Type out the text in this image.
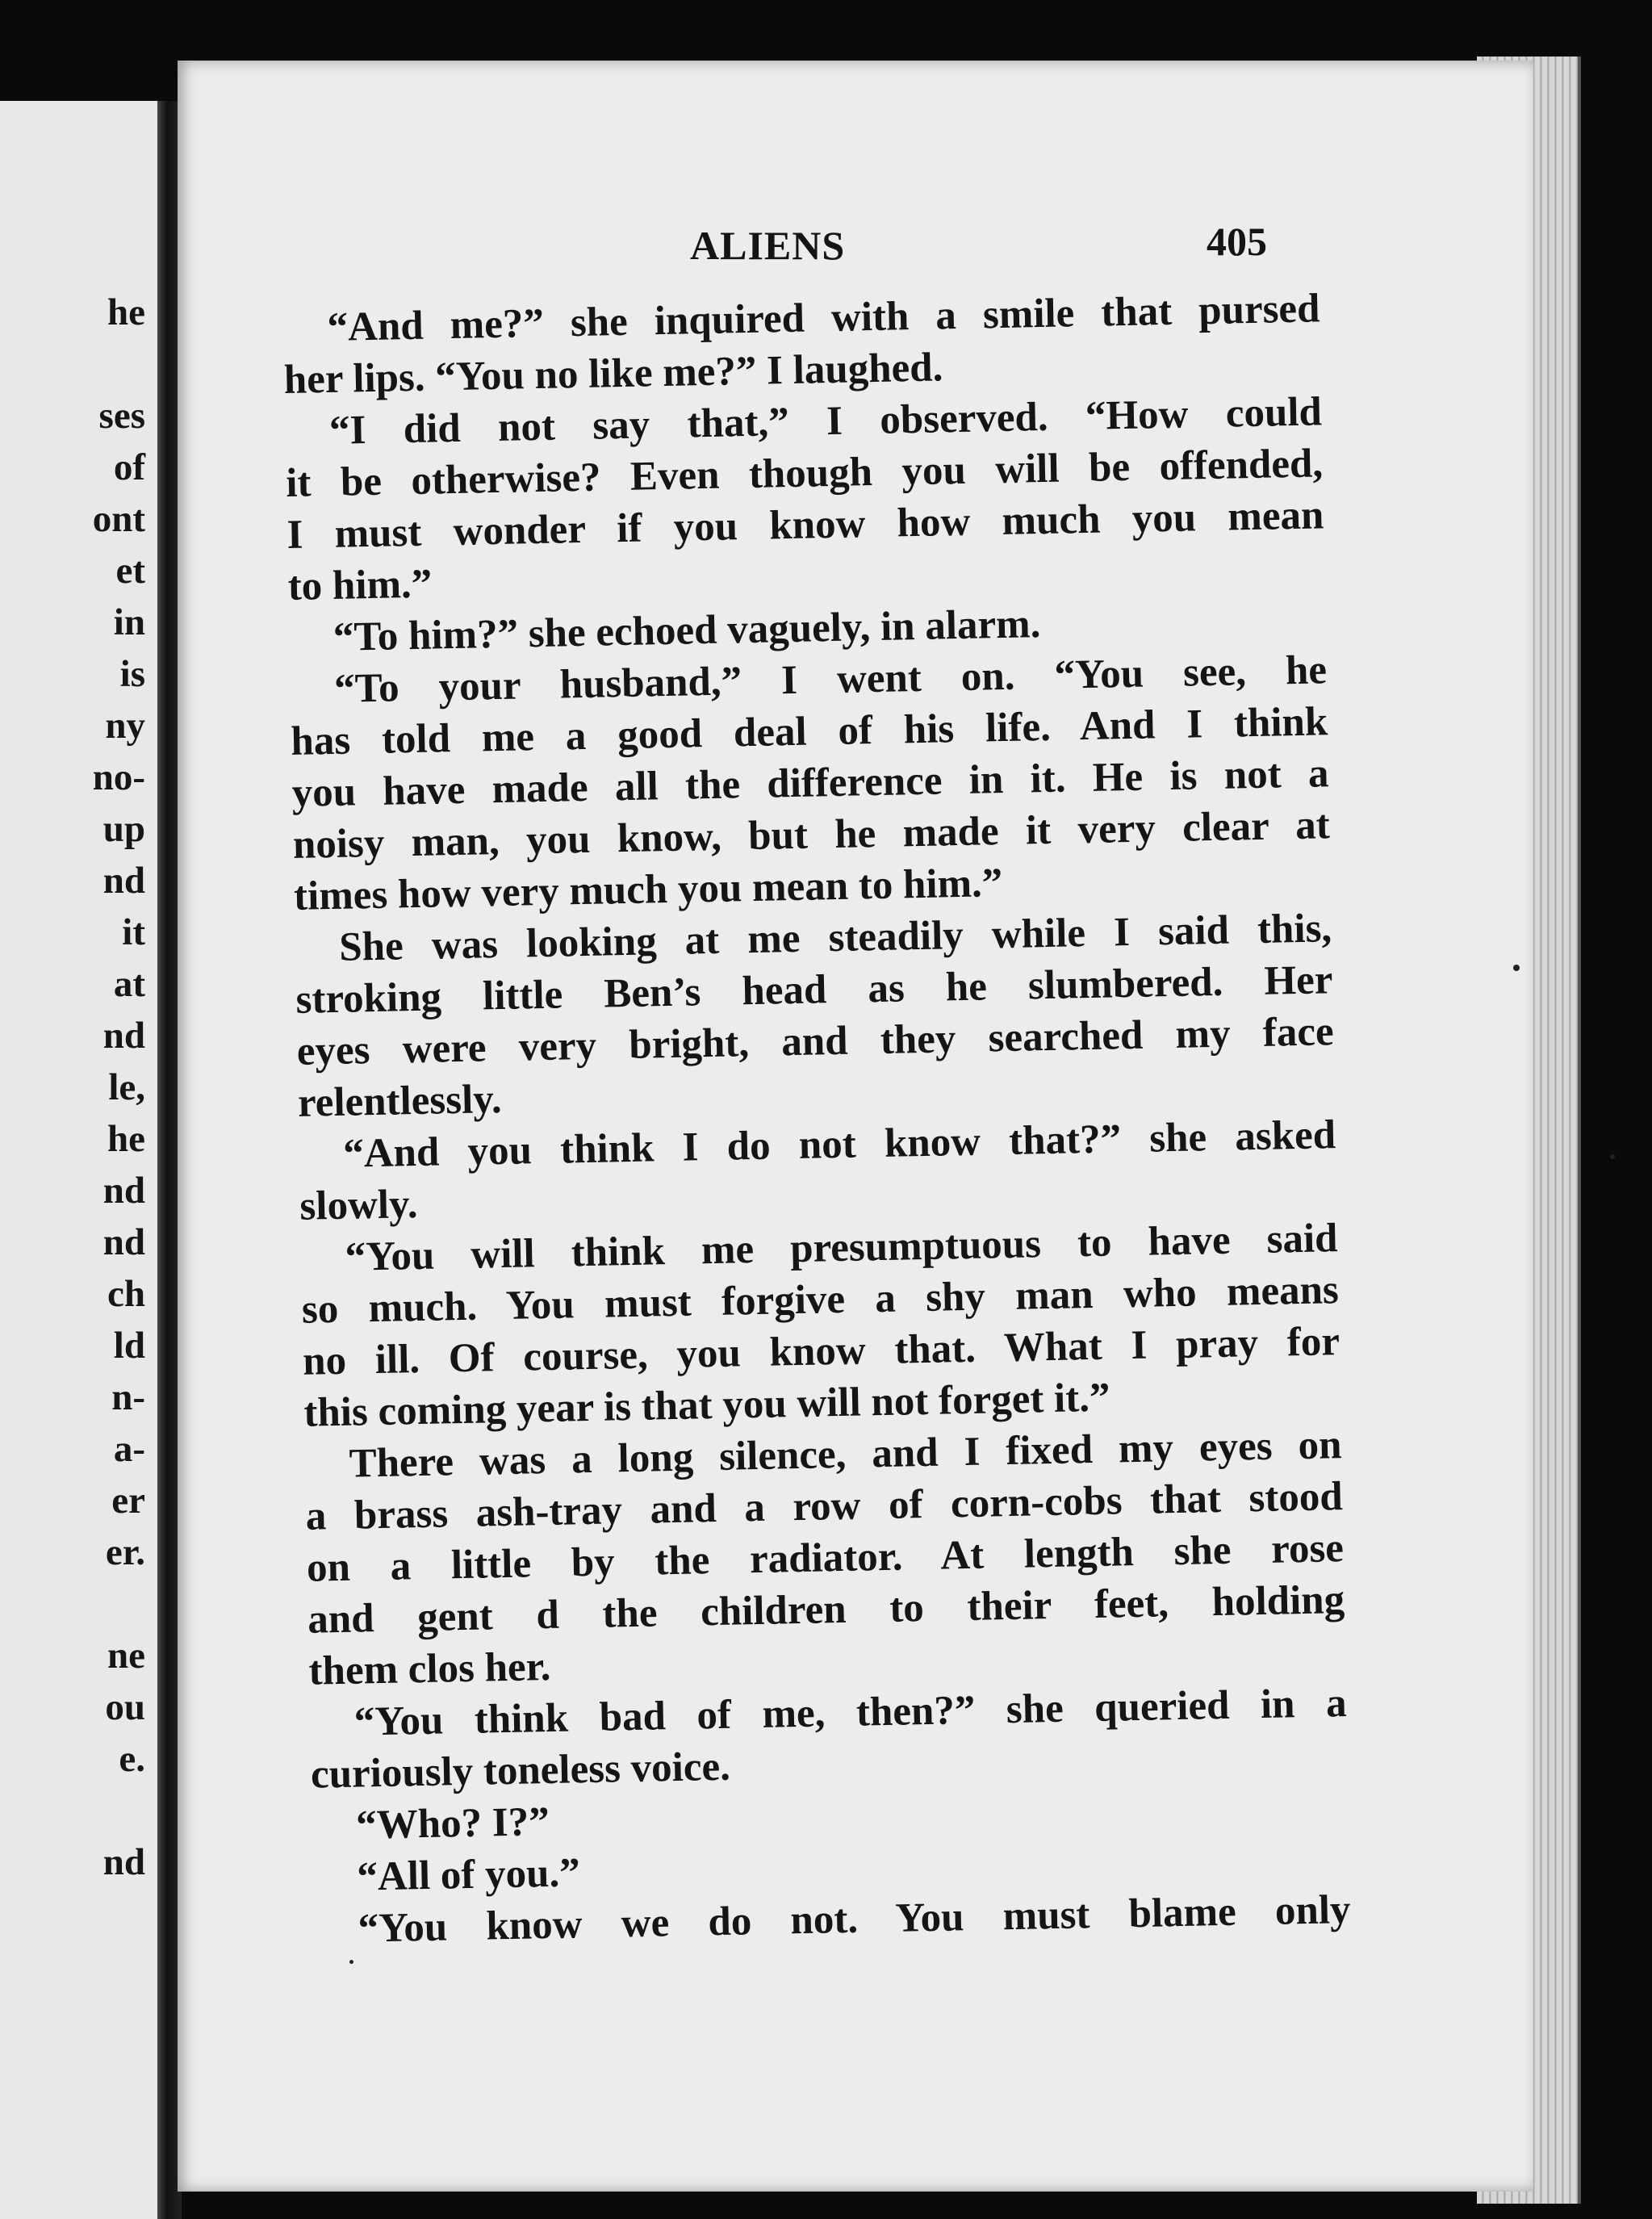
he
ses
of
ont
et
in
is
ny
no-
up
nd
it
at
nd
le,
he
nd
nd
ch
ld
n-
a-
er
er.
ne
ou
e.
nd
ALIENS	405
“And me?” she inquired with a smile that pursed
her lips. “You no like me?” I laughed.
“I did not say that,” I observed. “How could
it be otherwise? Even though you will be offended,
I must wonder if you know how much you mean
to him.”
“To him?” she echoed vaguely, in alarm.
“To your husband,” I went on. “You see, he
has told me a good deal of his life. And I think
you have made all the difference in it. He is not a
noisy man, you know, but he made it very clear at
times how very much you mean to him.”
She was looking at me steadily while I said this,
stroking little Ben’s head as he slumbered. Her
eyes were very bright, and they searched my face
relentlessly.
“And you think I do not know that?” she asked
slowly.
“You will think me presumptuous to have said
so much. You must forgive a shy man who means
no ill. Of course, you know that. What I pray for
this coming year is that you will not forget it.”
There was a long silence, and I fixed my eyes on
a brass ash-tray and a row of corn-cobs that stood
on a little by the radiator. At length she rose
and gent d the children to their feet, holding
them clos her.
“You think bad of me, then?” she queried in a
curiously toneless voice.
“Who? I?”
“All of you.”
“You know we do not. You must blame only
